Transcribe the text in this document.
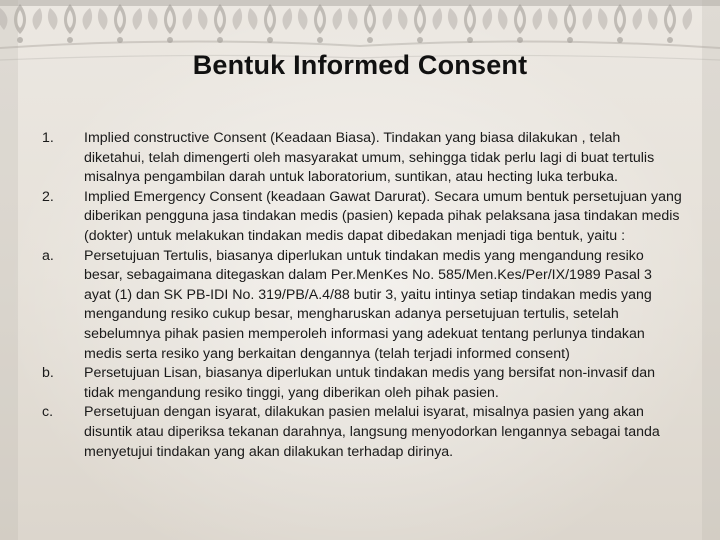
Bentuk Informed Consent
1.	Implied constructive Consent (Keadaan Biasa). Tindakan yang biasa dilakukan , telah diketahui, telah dimengerti oleh masyarakat umum, sehingga tidak perlu lagi di buat tertulis misalnya pengambilan darah untuk laboratorium, suntikan, atau hecting luka terbuka.
2.	Implied Emergency Consent (keadaan Gawat Darurat). Secara umum bentuk persetujuan yang diberikan pengguna jasa tindakan medis (pasien) kepada pihak pelaksana jasa tindakan medis (dokter) untuk melakukan tindakan medis dapat dibedakan menjadi tiga bentuk, yaitu :
a.	Persetujuan Tertulis, biasanya diperlukan untuk tindakan medis yang mengandung resiko besar, sebagaimana ditegaskan dalam Per.MenKes No. 585/Men.Kes/Per/IX/1989 Pasal 3 ayat (1) dan SK PB-IDI No. 319/PB/A.4/88 butir 3, yaitu intinya setiap tindakan medis yang mengandung resiko cukup besar, mengharuskan adanya persetujuan tertulis, setelah sebelumnya pihak pasien memperoleh informasi yang adekuat tentang perlunya tindakan medis serta resiko yang berkaitan dengannya (telah terjadi informed consent)
b.	Persetujuan Lisan, biasanya diperlukan untuk tindakan medis yang bersifat non-invasif dan tidak mengandung resiko tinggi, yang diberikan oleh pihak pasien.
c.	Persetujuan dengan isyarat, dilakukan pasien melalui isyarat, misalnya pasien yang akan disuntik atau diperiksa tekanan darahnya, langsung menyodorkan lengannya sebagai tanda menyetujui tindakan yang akan dilakukan terhadap dirinya.
